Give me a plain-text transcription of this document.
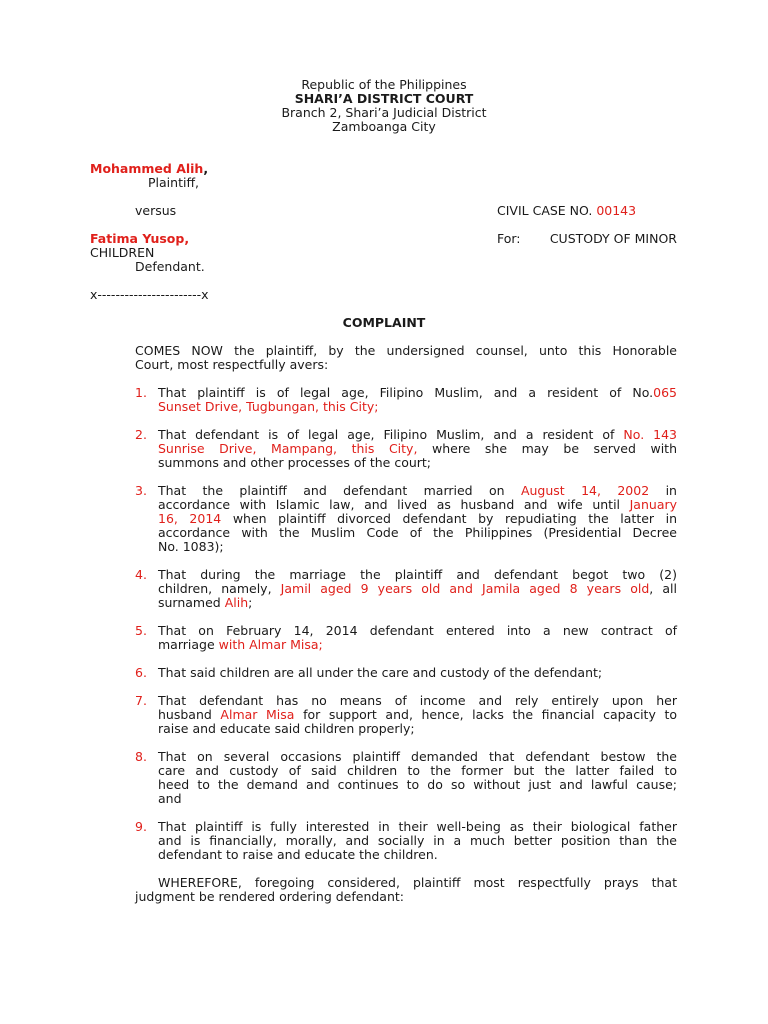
Republic of the Philippines
SHARI’A DISTRICT COURT
Branch 2, Shari’a Judicial District
Zamboanga City
Mohammed Alih,
Plaintiff,
versus	CIVIL CASE NO. 00143
Fatima Yusop,	For: CUSTODY OF MINOR
CHILDREN
Defendant.
x-----------------------x
COMPLAINT
COMES NOW the plaintiff, by the undersigned counsel, unto this Honorable
Court, most respectfully avers:
1. That plaintiff is of legal age, Filipino Muslim, and a resident of No.065
Sunset Drive, Tugbungan, this City;
2. That defendant is of legal age, Filipino Muslim, and a resident of No. 143
Sunrise Drive, Mampang, this City, where she may be served with
summons and other processes of the court;
3. That the plaintiff and defendant married on August 14, 2002 in
accordance with Islamic law, and lived as husband and wife until January
16, 2014 when plaintiff divorced defendant by repudiating the latter in
accordance with the Muslim Code of the Philippines (Presidential Decree
No. 1083);
4. That during the marriage the plaintiff and defendant begot two (2)
children, namely, Jamil aged 9 years old and Jamila aged 8 years old, all
surnamed Alih;
5. That on February 14, 2014 defendant entered into a new contract of
marriage with Almar Misa;
6. That said children are all under the care and custody of the defendant;
7. That defendant has no means of income and rely entirely upon her
husband Almar Misa for support and, hence, lacks the financial capacity to
raise and educate said children properly;
8. That on several occasions plaintiff demanded that defendant bestow the
care and custody of said children to the former but the latter failed to
heed to the demand and continues to do so without just and lawful cause;
and
9. That plaintiff is fully interested in their well-being as their biological father
and is financially, morally, and socially in a much better position than the
defendant to raise and educate the children.
WHEREFORE, foregoing considered, plaintiff most respectfully prays that
judgment be rendered ordering defendant:
